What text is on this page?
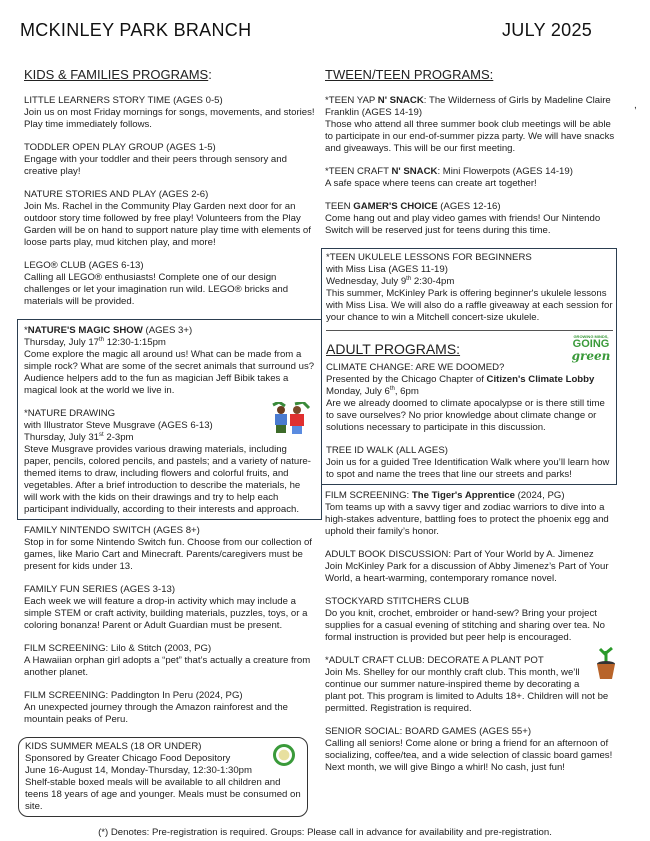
MCKINLEY PARK BRANCH	JULY 2025
,
KIDS & FAMILIES PROGRAMS:

LITTLE LEARNERS STORY TIME (AGES 0-5)

Join us on most Friday mornings for songs, movements, and stories! Play time immediately follows.

TODDLER OPEN PLAY GROUP (AGES 1-5)

Engage with your toddler and their peers through sensory and creative play!

NATURE STORIES AND PLAY (AGES 2-6)

Join Ms. Rachel in the Community Play Garden next door for an outdoor story time followed by free play! Volunteers from the Play Garden will be on hand to support nature play time with elements of loose parts play, mud kitchen play, and more!

LEGO® CLUB (AGES 6-13)

Calling all LEGO® enthusiasts! Complete one of our design challenges or let your imagination run wild. LEGO® bricks and materials will be provided.

*NATURE'S MAGIC SHOW (AGES 3+)

Thursday, July 17th 12:30-1:15pm

Come explore the magic all around us! What can be made from a simple rock? What are some of the secret animals that surround us? Audience helpers add to the fun as magician Jeff Bibik takes a magical look at the world we live in.

*NATURE DRAWING

with Illustrator Steve Musgrave (AGES 6-13)

Thursday, July 31st 2-3pm

Steve Musgrave provides various drawing materials, including paper, pencils, colored pencils, and pastels; and a variety of nature-themed items to draw, including flowers and colorful fruits, and vegetables. After a brief introduction to describe the materials, he will work with the kids on their drawings and try to help each participant individually, according to their interests and approach.

FAMILY NINTENDO SWITCH (AGES 8+)

Stop in for some Nintendo Switch fun. Choose from our collection of games, like Mario Cart and Minecraft. Parents/caregivers must be present for kids under 13.

FAMILY FUN SERIES (AGES 3-13)

Each week we will feature a drop-in activity which may include a simple STEM or craft activity, building materials, puzzles, toys, or a coloring bonanza! Parent or Adult Guardian must be present.

FILM SCREENING: Lilo & Stitch (2003, PG)

A Hawaiian orphan girl adopts a “pet” that’s actually a creature from another planet.

FILM SCREENING: Paddington In Peru (2024, PG)

An unexpected journey through the Amazon rainforest and the mountain peaks of Peru.

KIDS SUMMER MEALS (18 OR UNDER)

Sponsored by Greater Chicago Food Depository

June 16-August 14, Monday-Thursday, 12:30-1:30pm

Shelf-stable boxed meals will be available to all children and teens 18 years of age and younger. Meals must be consumed on site.

TWEEN/TEEN PROGRAMS:

*TEEN YAP N' SNACK: The Wilderness of Girls by Madeline Claire Franklin (AGES 14-19)

Those who attend all three summer book club meetings will be able to participate in our end-of-summer pizza party. We will have snacks and giveaways. This will be our first meeting.

*TEEN CRAFT N' SNACK: Mini Flowerpots (AGES 14-19)

A safe space where teens can create art together!

TEEN GAMER'S CHOICE (AGES 12-16)

Come hang out and play video games with friends! Our Nintendo Switch will be reserved just for teens during this time.

*TEEN UKULELE LESSONS FOR BEGINNERS

with Miss Lisa (AGES 11-19)

Wednesday, July 9th 2:30-4pm

This summer, McKinley Park is offering beginner's ukulele lessons with Miss Lisa. We will also do a raffle giveaway at each session for your chance to win a Mitchell concert-size ukulele.

GROWING MINDS,
GOING
green
ADULT PROGRAMS:

CLIMATE CHANGE: ARE WE DOOMED?

Presented by the Chicago Chapter of Citizen's Climate Lobby

Monday, July 6th, 6pm

Are we already doomed to climate apocalypse or is there still time to save ourselves? No prior knowledge about climate change or solutions necessary to participate in this discussion.

TREE ID WALK (ALL AGES)

Join us for a guided Tree Identification Walk where you’ll learn how to spot and name the trees that line our streets and parks!

FILM SCREENING: The Tiger's Apprentice (2024, PG)

Tom teams up with a savvy tiger and zodiac warriors to dive into a high-stakes adventure, battling foes to protect the phoenix egg and uphold their family’s honor.

ADULT BOOK DISCUSSION: Part of Your World by A. Jimenez

Join McKinley Park for a discussion of Abby Jimenez’s Part of Your World, a heart-warming, contemporary romance novel.

STOCKYARD STITCHERS CLUB

Do you knit, crochet, embroider or hand-sew? Bring your project supplies for a casual evening of stitching and sharing over tea. No formal instruction is provided but peer help is encouraged.

*ADULT CRAFT CLUB: DECORATE A PLANT POT

Join Ms. Shelley for our monthly craft club. This month, we’ll continue our summer nature-inspired theme by decorating a plant pot. This program is limited to Adults 18+. Children will not be permitted. Registration is required.

SENIOR SOCIAL: BOARD GAMES (AGES 55+)

Calling all seniors! Come alone or bring a friend for an afternoon of socializing, coffee/tea, and a wide selection of classic board games! Next month, we will give Bingo a whirl! No cash, just fun!

(*) Denotes: Pre-registration is required. Groups: Please call in advance for availability and pre-registration.
